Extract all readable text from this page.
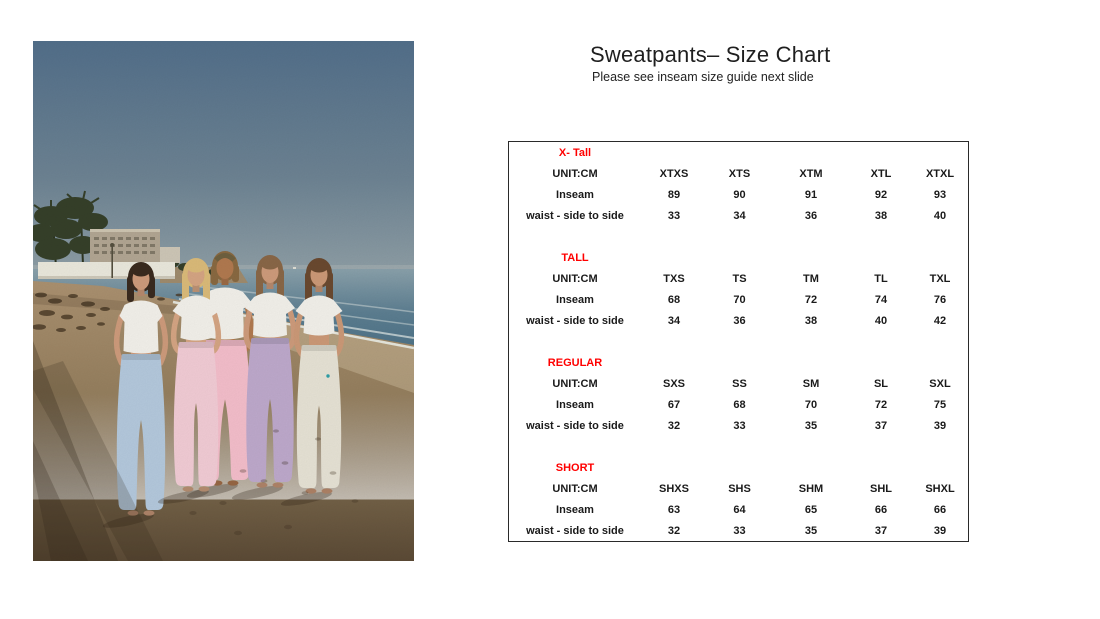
Sweatpants– Size Chart

Please see inseam size guide next slide

X- Tall					
UNIT:CM	XTXS	XTS	XTM	XTL	XTXL
Inseam	89	90	91	92	93
waist - side to side	33	34	36	38	40

TALL					
UNIT:CM	TXS	TS	TM	TL	TXL
Inseam	68	70	72	74	76
waist - side to side	34	36	38	40	42

REGULAR					
UNIT:CM	SXS	SS	SM	SL	SXL
Inseam	67	68	70	72	75
waist - side to side	32	33	35	37	39

SHORT					
UNIT:CM	SHXS	SHS	SHM	SHL	SHXL
Inseam	63	64	65	66	66
waist - side to side	32	33	35	37	39
